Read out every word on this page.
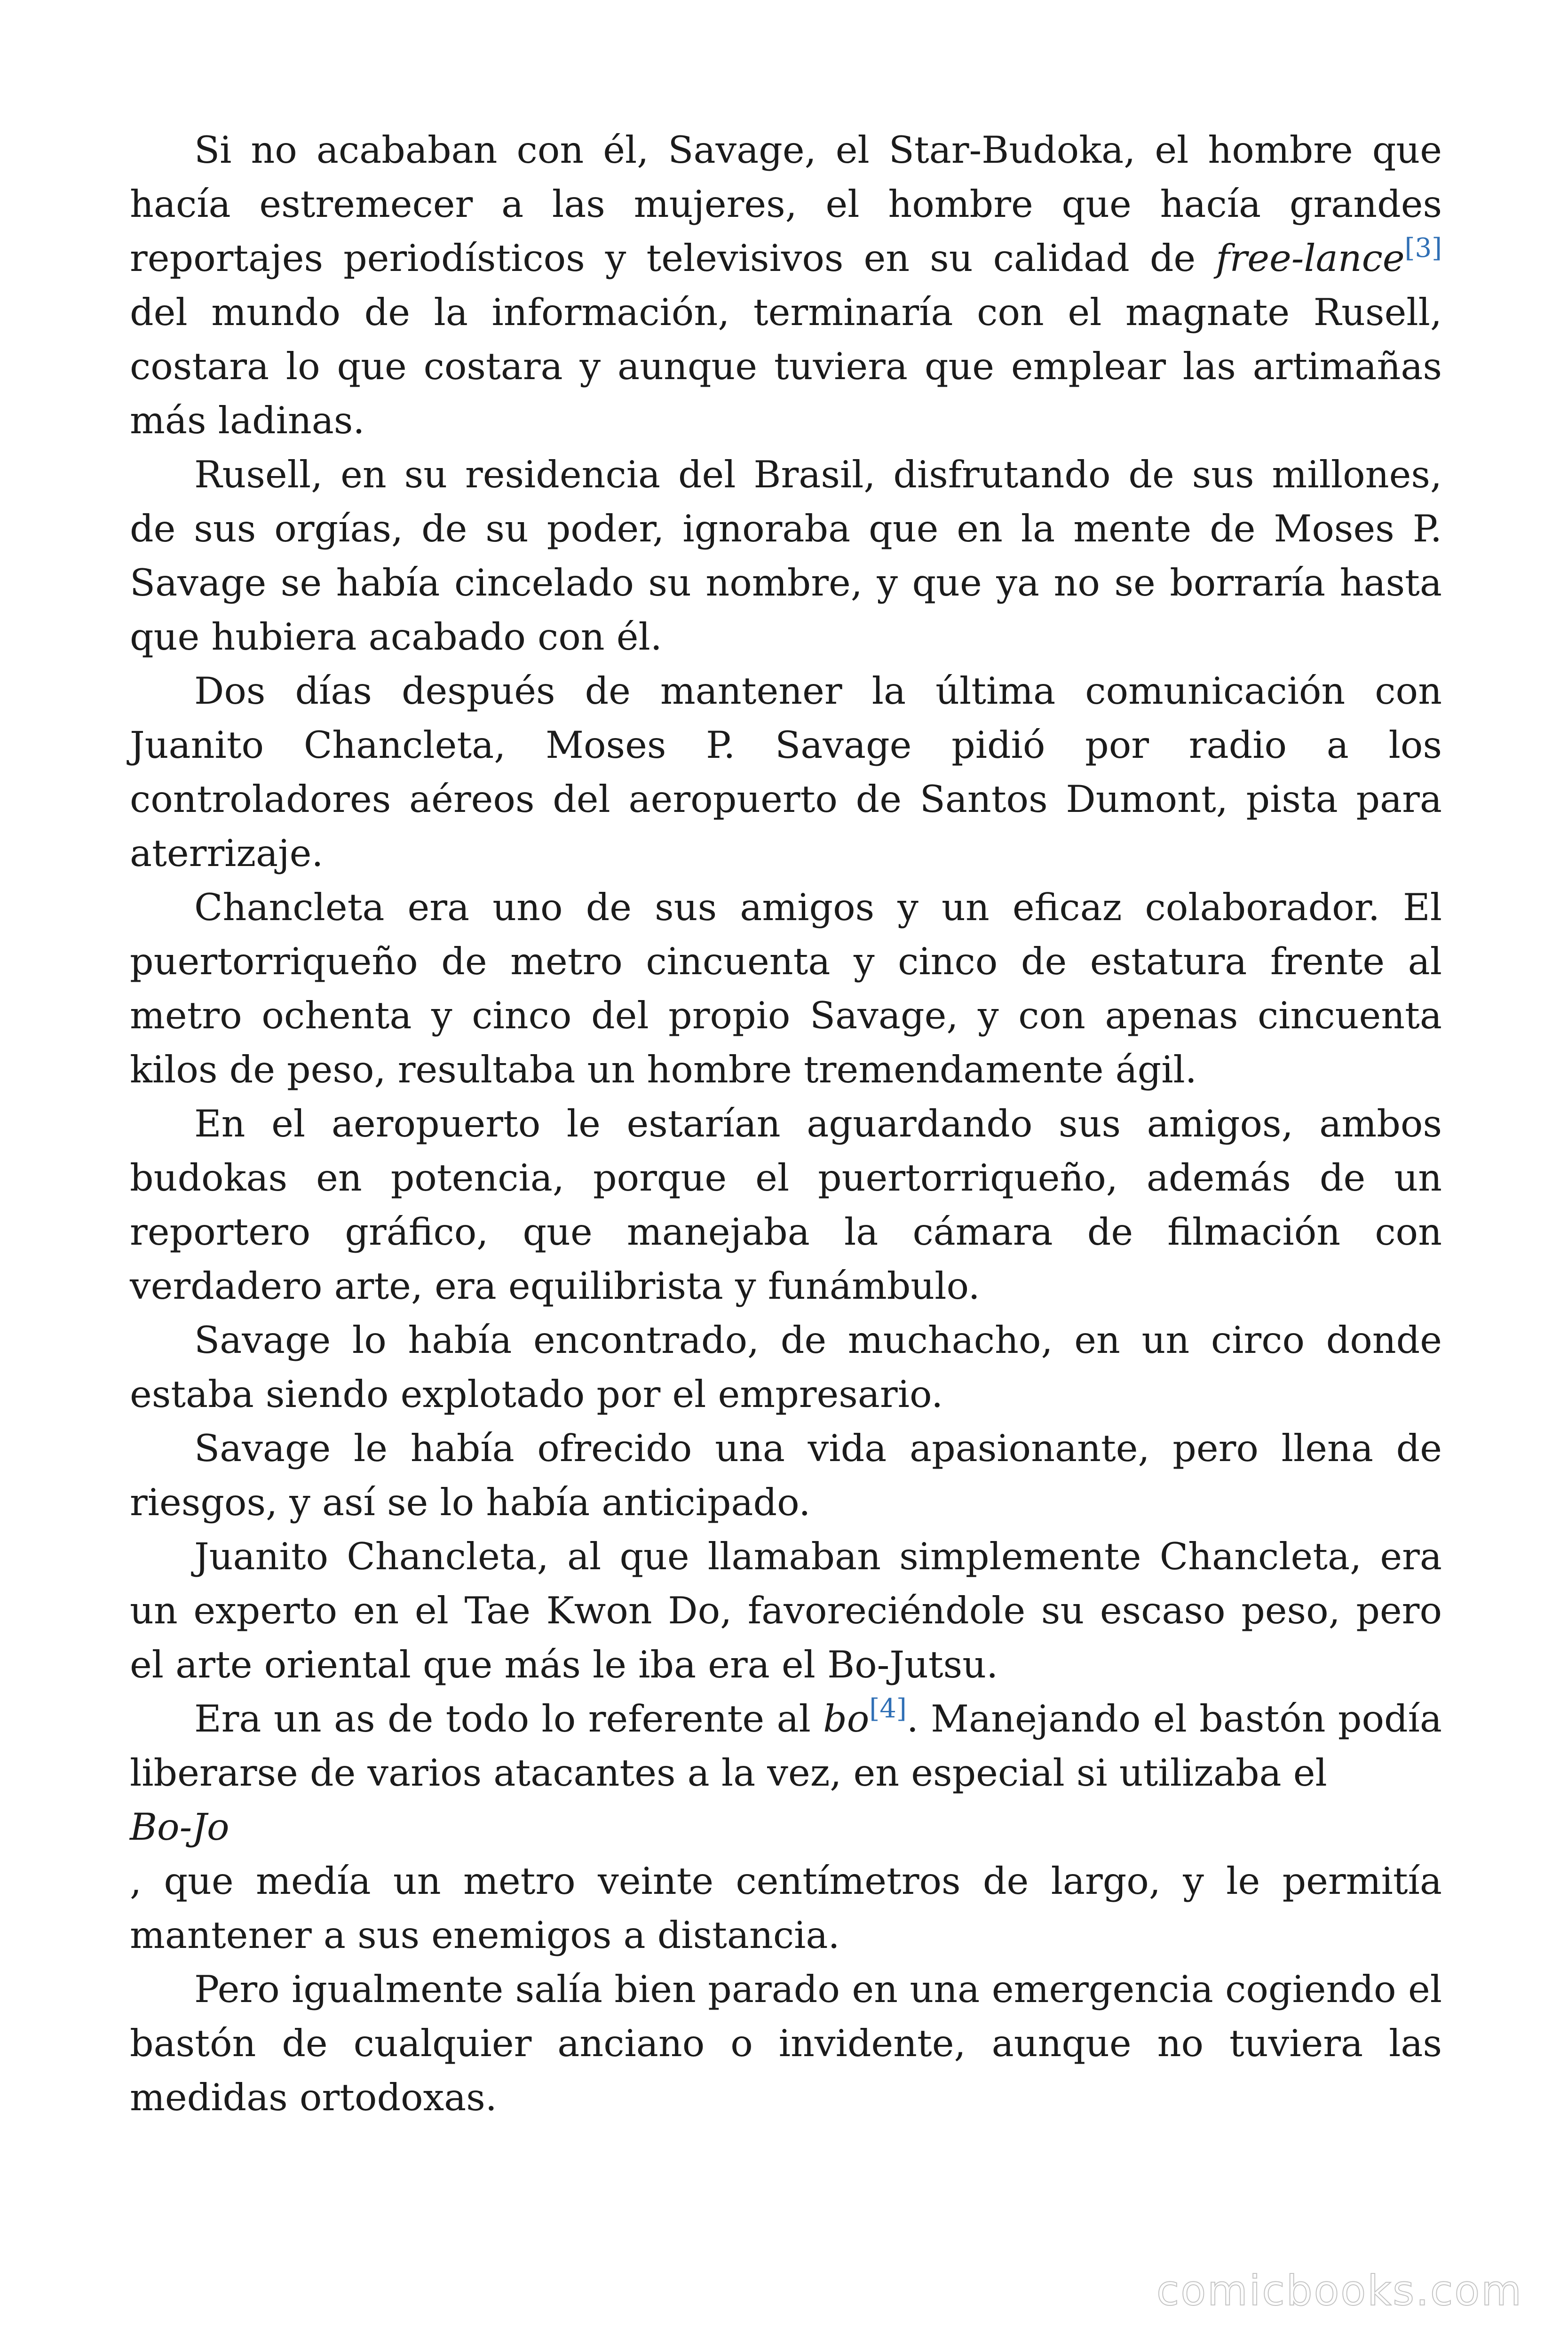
Si no acababan con él, Savage, el Star-Budoka, el hombre que hacía estremecer a las mujeres, el hombre que hacía grandes reportajes periodísticos y televisivos en su calidad de free-lance[3] del mundo de la información, terminaría con el magnate Rusell, costara lo que costara y aunque tuviera que emplear las artimañas más ladinas.

Rusell, en su residencia del Brasil, disfrutando de sus millones, de sus orgías, de su poder, ignoraba que en la mente de Moses P. Savage se había cincelado su nombre, y que ya no se borraría hasta que hubiera acabado con él.

Dos días después de mantener la última comunicación con Juanito Chancleta, Moses P. Savage pidió por radio a los controladores aéreos del aeropuerto de Santos Dumont, pista para aterrizaje.

Chancleta era uno de sus amigos y un eficaz colaborador. El puertorriqueño de metro cincuenta y cinco de estatura frente al metro ochenta y cinco del propio Savage, y con apenas cincuenta kilos de peso, resultaba un hombre tremendamente ágil.

En el aeropuerto le estarían aguardando sus amigos, ambos budokas en potencia, porque el puertorriqueño, además de un reportero gráfico, que manejaba la cámara de filmación con verdadero arte, era equilibrista y funámbulo.

Savage lo había encontrado, de muchacho, en un circo donde estaba siendo explotado por el empresario.

Savage le había ofrecido una vida apasionante, pero llena de riesgos, y así se lo había anticipado.

Juanito Chancleta, al que llamaban simplemente Chancleta, era un experto en el Tae Kwon Do, favoreciéndole su escaso peso, pero el arte oriental que más le iba era el Bo-Jutsu.

Era un as de todo lo referente al bo[4]. Manejando el bastón podía liberarse de varios atacantes a la vez, en especial si utilizaba el

Bo-Jo

, que medía un metro veinte centímetros de largo, y le permitía mantener a sus enemigos a distancia.

Pero igualmente salía bien parado en una emergencia cogiendo el bastón de cualquier anciano o invidente, aunque no tuviera las medidas ortodoxas.

comicbooks.com
